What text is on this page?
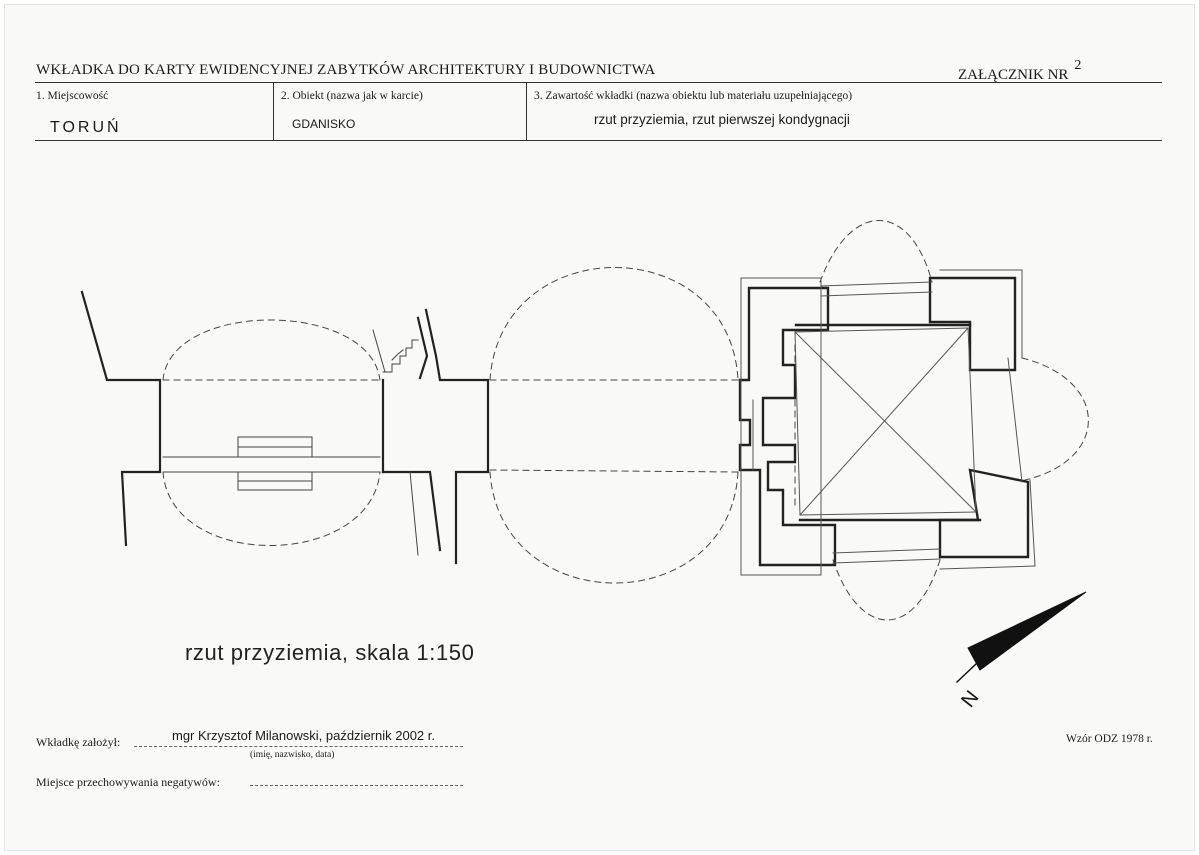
WKŁADKA DO KARTY EWIDENCYJNEJ ZABYTKÓW ARCHITEKTURY I BUDOWNICTWA	ZAŁĄCZNIK $NR^2$
1. Miejscowość	2. Obiekt (nazwa jak w karcie)	3. Zawartość wkładki (nazwa obiektu lub materiału uzupełniającego)
TORUŃ	GDANISKO	rzut przyziemia, rzut pierwszej kondygnacji
N
rzut przyziemia, skala 1:150
Wkładkę założył:	mgr Krzysztof Milanowski, październik 2002 r.
(imię, nazwisko, data)
Miejsce przechowywania negatywów:
Wzór ODZ 1978 r.
